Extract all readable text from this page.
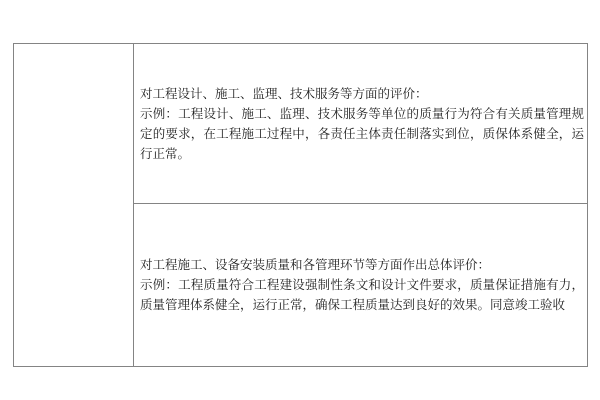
对工程设计、施工、监理、技术服务等方面的评价：
示例：工程设计、施工、监理、技术服务等单位的质量行为符合有关质量管理规定的要求，在工程施工过程中，各责任主体责任制落实到位，质保体系健全，运行正常。
对工程施工、设备安装质量和各管理环节等方面作出总体评价：
示例：工程质量符合工程建设强制性条文和设计文件要求，质量保证措施有力，质量管理体系健全，运行正常，确保工程质量达到良好的效果。同意竣工验收
